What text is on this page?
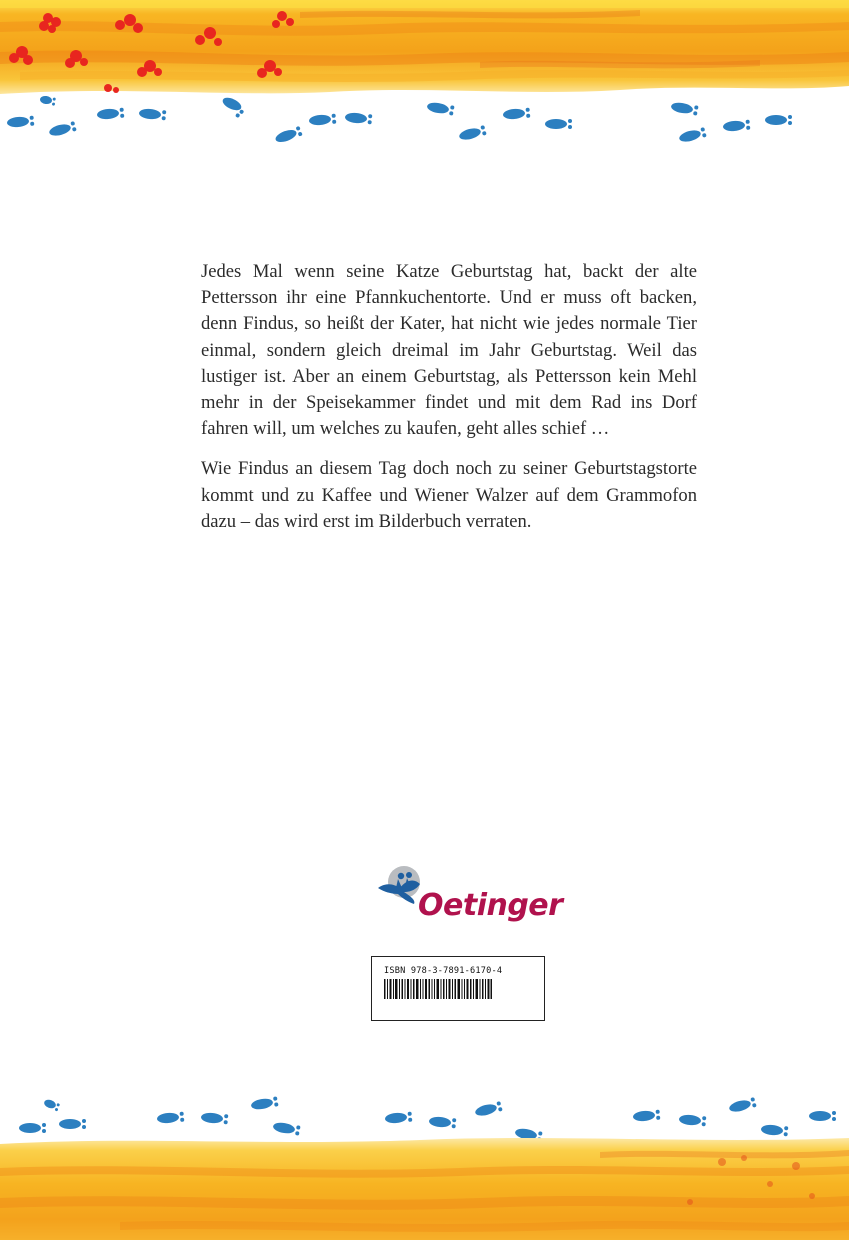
Jedes Mal wenn seine Katze Geburtstag hat, backt der alte Pettersson ihr eine Pfannkuchentorte. Und er muss oft backen, denn Findus, so heißt der Kater, hat nicht wie jedes normale Tier einmal, sondern gleich dreimal im Jahr Geburtstag. Weil das lustiger ist. Aber an einem Geburtstag, als Pettersson kein Mehl mehr in der Speisekammer findet und mit dem Rad ins Dorf fahren will, um welches zu kaufen, geht alles schief …

Wie Findus an diesem Tag doch noch zu seiner Geburtstagstorte kommt und zu Kaffee und Wiener Walzer auf dem Grammofon dazu – das wird erst im Bilderbuch verraten.

Oetinger
ISBN 978-3-7891-6170-4
